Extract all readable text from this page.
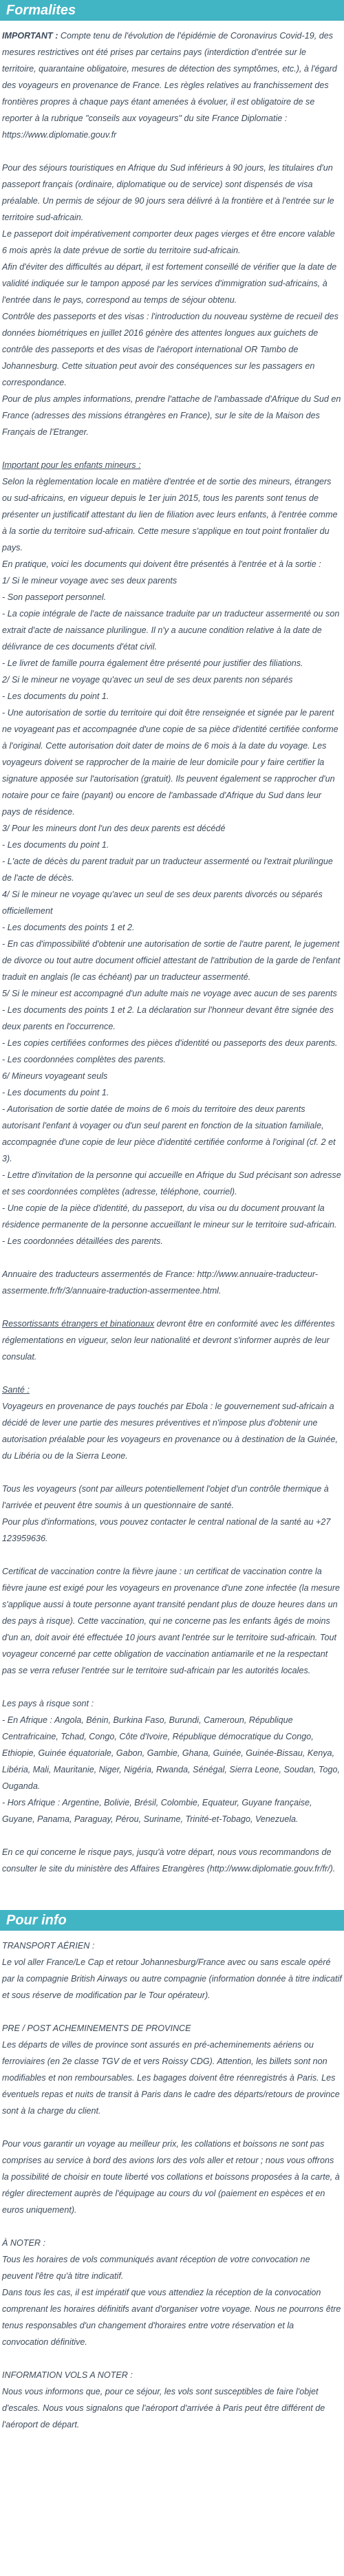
Formalites

IMPORTANT : Compte tenu de l'évolution de l'épidémie de Coronavirus Covid-19, des mesures restrictives ont été prises par certains pays (interdiction d'entrée sur le territoire, quarantaine obligatoire, mesures de détection des symptômes, etc.), à l'égard des voyageurs en provenance de France. Les règles relatives au franchissement des frontières propres à chaque pays étant amenées à évoluer, il est obligatoire de se reporter à la rubrique "conseils aux voyageurs" du site France Diplomatie : https://www.diplomatie.gouv.fr

Pour des séjours touristiques en Afrique du Sud inférieurs à 90 jours, les titulaires d'un passeport français (ordinaire, diplomatique ou de service) sont dispensés de visa préalable. Un permis de séjour de 90 jours sera délivré à la frontière et à l'entrée sur le territoire sud-africain.
Le passeport doit impérativement comporter deux pages vierges et être encore valable 6 mois après la date prévue de sortie du territoire sud-africain.
Afin d'éviter des difficultés au départ, il est fortement conseillé de vérifier que la date de validité indiquée sur le tampon apposé par les services d'immigration sud-africains, à l'entrée dans le pays, correspond au temps de séjour obtenu.
Contrôle des passeports et des visas : l'introduction du nouveau système de recueil des données biométriques en juillet 2016 génère des attentes longues aux guichets de contrôle des passeports et des visas de l'aéroport international OR Tambo de Johannesburg. Cette situation peut avoir des conséquences sur les passagers en correspondance.
Pour de plus amples informations, prendre l'attache de l'ambassade d'Afrique du Sud en France (adresses des missions étrangères en France), sur le site de la Maison des Français de l'Etranger.

Important pour les enfants mineurs :
Selon la règlementation locale en matière d'entrée et de sortie des mineurs, étrangers ou sud-africains, en vigueur depuis le 1er juin 2015, tous les parents sont tenus de présenter un justificatif attestant du lien de filiation avec leurs enfants, à l'entrée comme à la sortie du territoire sud-africain. Cette mesure s'applique en tout point frontalier du pays.
En pratique, voici les documents qui doivent être présentés à l'entrée et à la sortie :
1/ Si le mineur voyage avec ses deux parents
- Son passeport personnel.
- La copie intégrale de l'acte de naissance traduite par un traducteur assermenté ou son extrait d'acte de naissance plurilingue. Il n'y a aucune condition relative à la date de délivrance de ces documents d'état civil.
- Le livret de famille pourra également être présenté pour justifier des filiations.
2/ Si le mineur ne voyage qu'avec un seul de ses deux parents non séparés
- Les documents du point 1.
- Une autorisation de sortie du territoire qui doit être renseignée et signée par le parent ne voyageant pas et accompagnée d'une copie de sa pièce d'identité certifiée conforme à l'original. Cette autorisation doit dater de moins de 6 mois à la date du voyage. Les voyageurs doivent se rapprocher de la mairie de leur domicile pour y faire certifier la signature apposée sur l'autorisation (gratuit). Ils peuvent également se rapprocher d'un notaire pour ce faire (payant) ou encore de l'ambassade d'Afrique du Sud dans leur pays de résidence.
3/ Pour les mineurs dont l'un des deux parents est décédé
- Les documents du point 1.
- L'acte de décès du parent traduit par un traducteur assermenté ou l'extrait plurilingue de l'acte de décès.
4/ Si le mineur ne voyage qu'avec un seul de ses deux parents divorcés ou séparés officiellement
- Les documents des points 1 et 2.
- En cas d'impossibilité d'obtenir une autorisation de sortie de l'autre parent, le jugement de divorce ou tout autre document officiel attestant de l'attribution de la garde de l'enfant traduit en anglais (le cas échéant) par un traducteur assermenté.
5/ Si le mineur est accompagné d'un adulte mais ne voyage avec aucun de ses parents
- Les documents des points 1 et 2. La déclaration sur l'honneur devant être signée des deux parents en l'occurrence.
- Les copies certifiées conformes des pièces d'identité ou passeports des deux parents.
- Les coordonnées complètes des parents.
6/ Mineurs voyageant seuls
- Les documents du point 1.
- Autorisation de sortie datée de moins de 6 mois du territoire des deux parents autorisant l'enfant à voyager ou d'un seul parent en fonction de la situation familiale, accompagnée d'une copie de leur pièce d'identité certifiée conforme à l'original (cf. 2 et 3).
- Lettre d'invitation de la personne qui accueille en Afrique du Sud précisant son adresse et ses coordonnées complètes (adresse, téléphone, courriel).
- Une copie de la pièce d'identité, du passeport, du visa ou du document prouvant la résidence permanente de la personne accueillant le mineur sur le territoire sud-africain.
- Les coordonnées détaillées des parents.

Annuaire des traducteurs assermentés de France: http://www.annuaire-traducteur-assermente.fr/fr/3/annuaire-traduction-assermentee.html.

Ressortissants étrangers et binationaux devront être en conformité avec les différentes réglementations en vigueur, selon leur nationalité et devront s'informer auprès de leur consulat.

Santé :
Voyageurs en provenance de pays touchés par Ebola : le gouvernement sud-africain a décidé de lever une partie des mesures préventives et n'impose plus d'obtenir une autorisation préalable pour les voyageurs en provenance ou à destination de la Guinée, du Libéria ou de la Sierra Leone.

Tous les voyageurs (sont par ailleurs potentiellement l'objet d'un contrôle thermique à l'arrivée et peuvent être soumis à un questionnaire de santé.
Pour plus d'informations, vous pouvez contacter le central national de la santé au +27 123959636.

Certificat de vaccination contre la fièvre jaune : un certificat de vaccination contre la fièvre jaune est exigé pour les voyageurs en provenance d'une zone infectée (la mesure s'applique aussi à toute personne ayant transité pendant plus de douze heures dans un des pays à risque). Cette vaccination, qui ne concerne pas les enfants âgés de moins d'un an, doit avoir été effectuée 10 jours avant l'entrée sur le territoire sud-africain. Tout voyageur concerné par cette obligation de vaccination antiamarile et ne la respectant pas se verra refuser l'entrée sur le territoire sud-africain par les autorités locales.

Les pays à risque sont :
- En Afrique : Angola, Bénin, Burkina Faso, Burundi, Cameroun, République Centrafricaine, Tchad, Congo, Côte d'Ivoire, République démocratique du Congo, Ethiopie, Guinée équatoriale, Gabon, Gambie, Ghana, Guinée, Guinée-Bissau, Kenya, Libéria, Mali, Mauritanie, Niger, Nigéria, Rwanda, Sénégal, Sierra Leone, Soudan, Togo, Ouganda.
- Hors Afrique : Argentine, Bolivie, Brésil, Colombie, Equateur, Guyane française, Guyane, Panama, Paraguay, Pérou, Suriname, Trinité-et-Tobago, Venezuela.

En ce qui concerne le risque pays, jusqu'à votre départ, nous vous recommandons de consulter le site du ministère des Affaires Etrangères (http://www.diplomatie.gouv.fr/fr/).

Pour info

TRANSPORT AÉRIEN :
Le vol aller France/Le Cap et retour Johannesburg/France avec ou sans escale opéré par la compagnie British Airways ou autre compagnie (information donnée à titre indicatif et sous réserve de modification par le Tour opérateur).

PRE / POST ACHEMINEMENTS DE PROVINCE
Les départs de villes de province sont assurés en pré-acheminements aériens ou ferroviaires (en 2e classe TGV de et vers Roissy CDG). Attention, les billets sont non modifiables et non remboursables. Les bagages doivent être réenregistrés à Paris. Les éventuels repas et nuits de transit à Paris dans le cadre des départs/retours de province sont à la charge du client.

Pour vous garantir un voyage au meilleur prix, les collations et boissons ne sont pas comprises au service à bord des avions lors des vols aller et retour ; nous vous offrons la possibilité de choisir en toute liberté vos collations et boissons proposées à la carte, à régler directement auprès de l'équipage au cours du vol (paiement en espèces et en euros uniquement).

À NOTER :
Tous les horaires de vols communiqués avant réception de votre convocation ne peuvent l'être qu'à titre indicatif.
Dans tous les cas, il est impératif que vous attendiez la réception de la convocation comprenant les horaires définitifs avant d'organiser votre voyage. Nous ne pourrons être tenus responsables d'un changement d'horaires entre votre réservation et la convocation définitive.

INFORMATION VOLS A NOTER :
Nous vous informons que, pour ce séjour, les vols sont susceptibles de faire l'objet d'escales. Nous vous signalons que l'aéroport d'arrivée à Paris peut être différent de l'aéroport de départ.
